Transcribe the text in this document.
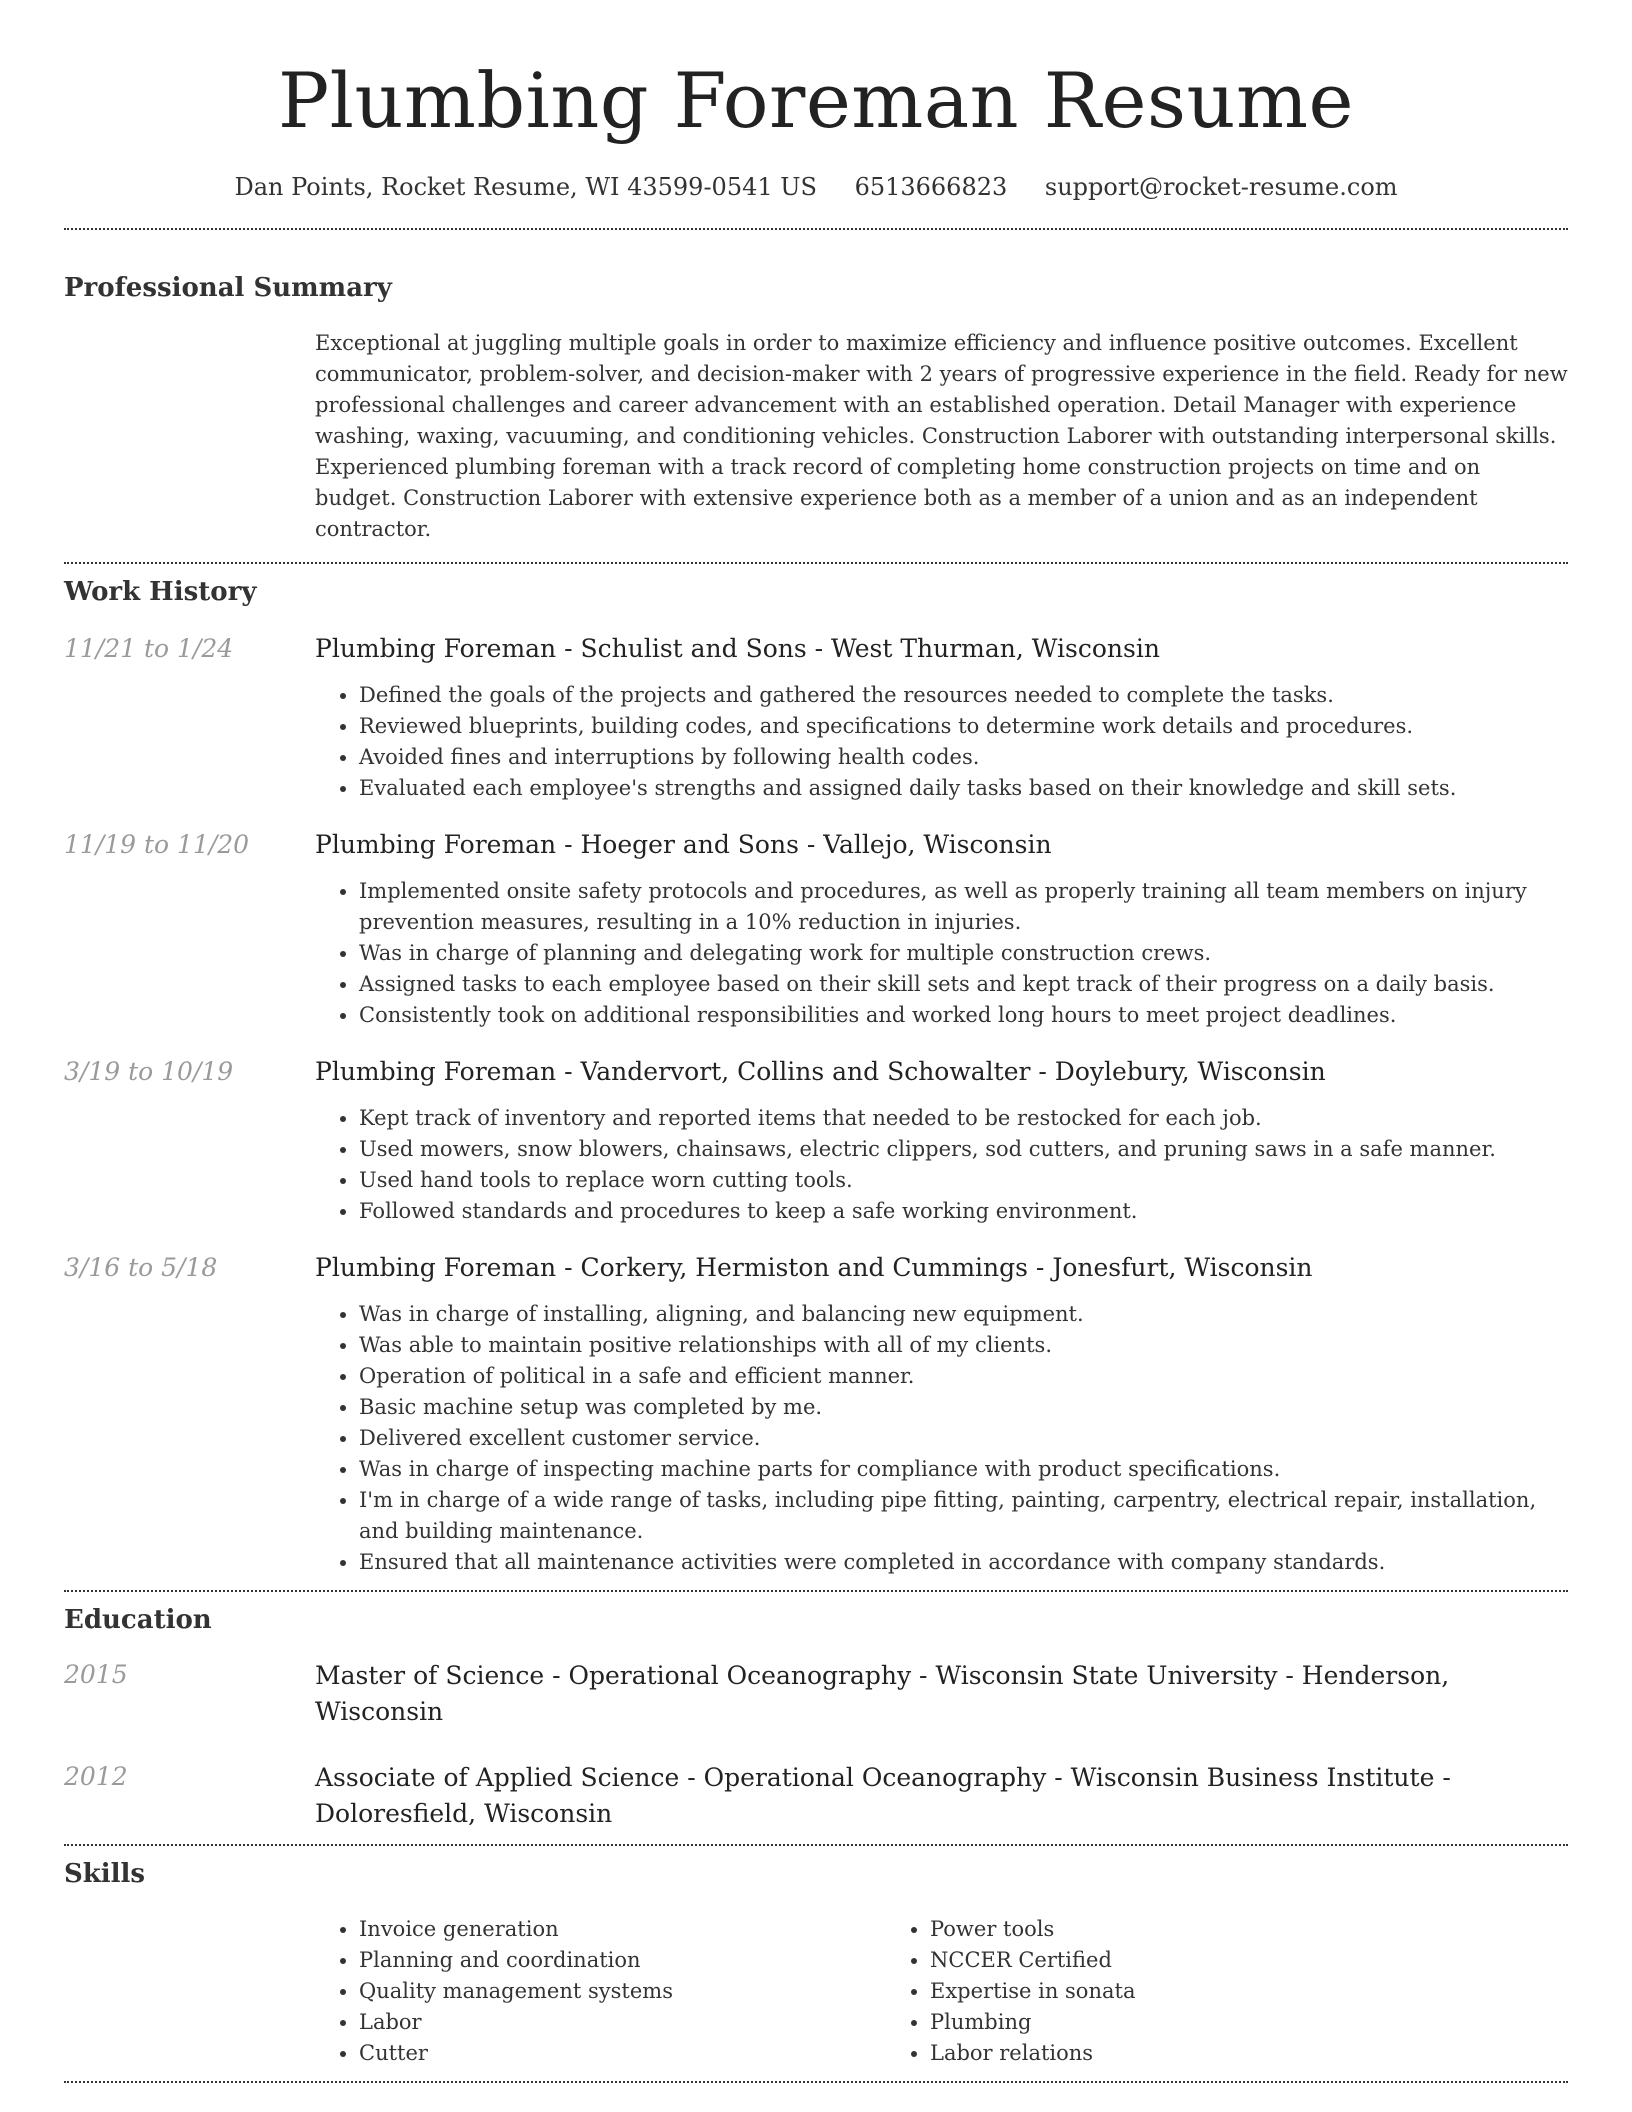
Plumbing Foreman Resume
Dan Points, Rocket Resume, WI 43599-0541 US 6513666823 support@rocket-resume.com
Professional Summary

Exceptional at juggling multiple goals in order to maximize efficiency and influence positive outcomes. Excellent communicator, problem-solver, and decision-maker with 2 years of progressive experience in the field. Ready for new professional challenges and career advancement with an established operation. Detail Manager with experience washing, waxing, vacuuming, and conditioning vehicles. Construction Laborer with outstanding interpersonal skills. Experienced plumbing foreman with a track record of completing home construction projects on time and on budget. Construction Laborer with extensive experience both as a member of a union and as an independent contractor.

Work History
11/21 to 1/24	Plumbing Foreman - Schulist and Sons - West Thurman, Wisconsin
• Defined the goals of the projects and gathered the resources needed to complete the tasks.
• Reviewed blueprints, building codes, and specifications to determine work details and procedures.
• Avoided fines and interruptions by following health codes.
• Evaluated each employee's strengths and assigned daily tasks based on their knowledge and skill sets.
11/19 to 11/20	Plumbing Foreman - Hoeger and Sons - Vallejo, Wisconsin
• Implemented onsite safety protocols and procedures, as well as properly training all team members on injury prevention measures, resulting in a 10% reduction in injuries.
• Was in charge of planning and delegating work for multiple construction crews.
• Assigned tasks to each employee based on their skill sets and kept track of their progress on a daily basis.
• Consistently took on additional responsibilities and worked long hours to meet project deadlines.
3/19 to 10/19	Plumbing Foreman - Vandervort, Collins and Schowalter - Doylebury, Wisconsin
• Kept track of inventory and reported items that needed to be restocked for each job.
• Used mowers, snow blowers, chainsaws, electric clippers, sod cutters, and pruning saws in a safe manner.
• Used hand tools to replace worn cutting tools.
• Followed standards and procedures to keep a safe working environment.
3/16 to 5/18	Plumbing Foreman - Corkery, Hermiston and Cummings - Jonesfurt, Wisconsin
• Was in charge of installing, aligning, and balancing new equipment.
• Was able to maintain positive relationships with all of my clients.
• Operation of political in a safe and efficient manner.
• Basic machine setup was completed by me.
• Delivered excellent customer service.
• Was in charge of inspecting machine parts for compliance with product specifications.
• I'm in charge of a wide range of tasks, including pipe fitting, painting, carpentry, electrical repair, installation, and building maintenance.
• Ensured that all maintenance activities were completed in accordance with company standards.
Education
2015	Master of Science - Operational Oceanography - Wisconsin State University - Henderson, Wisconsin
2012	Associate of Applied Science - Operational Oceanography - Wisconsin Business Institute - Doloresfield, Wisconsin
Skills
• Invoice generation
• Planning and coordination
• Quality management systems
• Labor
• Cutter
• Power tools
• NCCER Certified
• Expertise in sonata
• Plumbing
• Labor relations
